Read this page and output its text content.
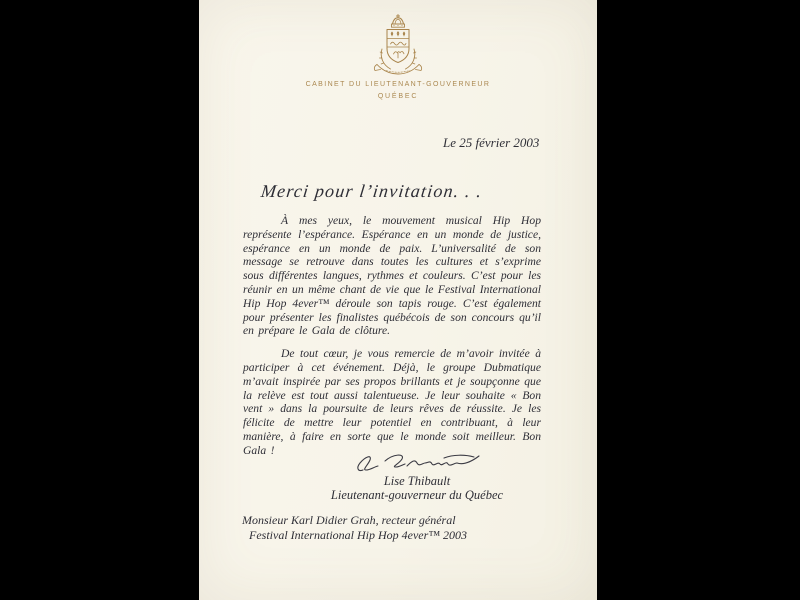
CABINET DU LIEUTENANT-GOUVERNEUR
QUÉBEC
Le 25 février 2003
Merci pour l’invitation. . .

À mes yeux, le mouvement musical Hip Hop représente l’espérance. Espérance en un monde de justice, espérance en un monde de paix. L’universalité de son message se retrouve dans toutes les cultures et s’exprime sous différentes langues, rythmes et couleurs. C’est pour les réunir en un même chant de vie que le Festival International Hip Hop 4ever™ déroule son tapis rouge. C’est également pour présenter les finalistes québécois de son concours qu’il en prépare le Gala de clôture.

De tout cœur, je vous remercie de m’avoir invitée à participer à cet événement. Déjà, le groupe Dubmatique m’avait inspirée par ses propos brillants et je soupçonne que la relève est tout aussi talentueuse. Je leur souhaite « Bon vent » dans la poursuite de leurs rêves de réussite. Je les félicite de mettre leur potentiel en contribuant, à leur manière, à faire en sorte que le monde soit meilleur. Bon Gala !

Lise Thibault
Lieutenant-gouverneur du Québec
Monsieur Karl Didier Grah, recteur général
Festival International Hip Hop 4ever™ 2003
